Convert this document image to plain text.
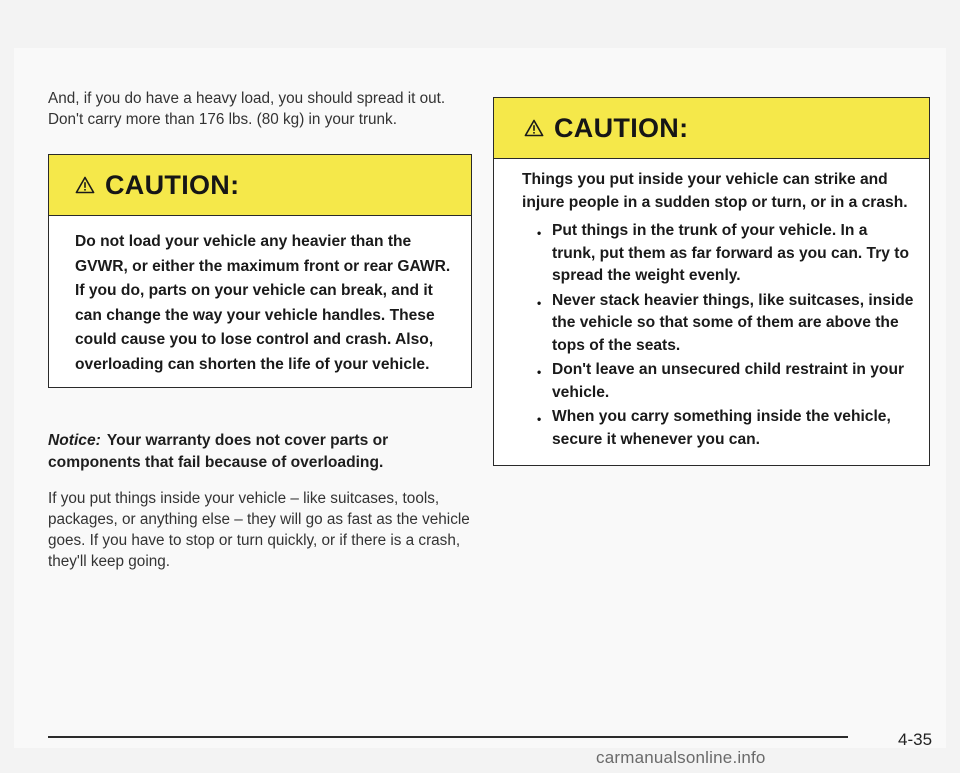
And, if you do have a heavy load, you should spread it out. Don't carry more than 176 lbs. (80 kg) in your trunk.

CAUTION:
Do not load your vehicle any heavier than the GVWR, or either the maximum front or rear GAWR. If you do, parts on your vehicle can break, and it can change the way your vehicle handles. These could cause you to lose control and crash. Also, overloading can shorten the life of your vehicle.

Notice: Your warranty does not cover parts or components that fail because of overloading.

If you put things inside your vehicle – like suitcases, tools, packages, or anything else – they will go as fast as the vehicle goes. If you have to stop or turn quickly, or if there is a crash, they'll keep going.

CAUTION:

Things you put inside your vehicle can strike and injure people in a sudden stop or turn, or in a crash.

• Put things in the trunk of your vehicle. In a trunk, put them as far forward as you can. Try to spread the weight evenly.
• Never stack heavier things, like suitcases, inside the vehicle so that some of them are above the tops of the seats.
• Don't leave an unsecured child restraint in your vehicle.
• When you carry something inside the vehicle, secure it whenever you can.
4-35
carmanualsonline.info
